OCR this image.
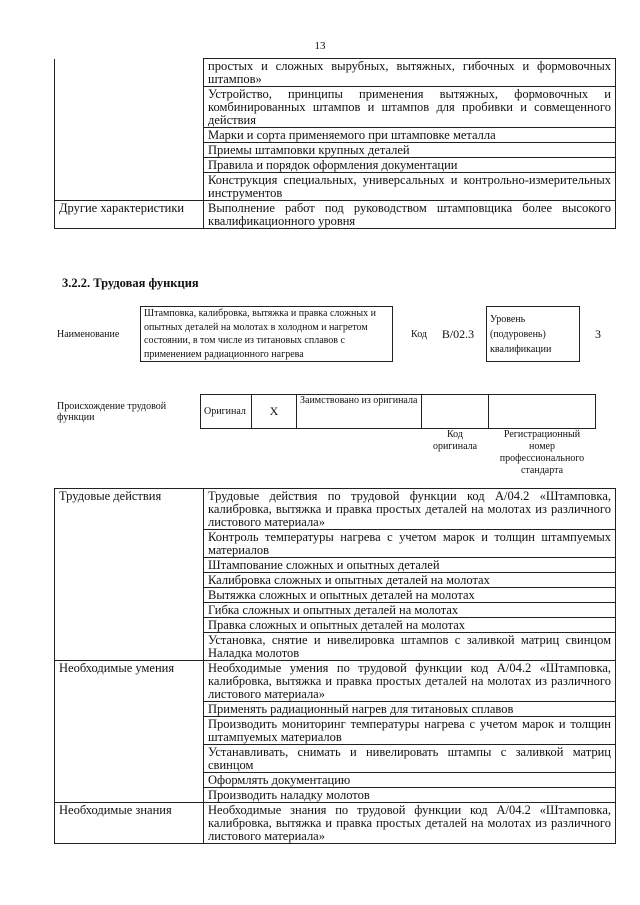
13
	простых и сложных вырубных, вытяжных, гибочных и формовочных штампов»
	Устройство, принципы применения вытяжных, формовочных и комбинированных штампов и штампов для пробивки и совмещенного действия
	Марки и сорта применяемого при штамповке металла
	Приемы штамповки крупных деталей
	Правила и порядок оформления документации
	Конструкция специальных, универсальных и контрольно-измерительных инструментов
Другие характеристики	Выполнение работ под руководством штамповщика более высокого квалификационного уровня
3.2.2. Трудовая функция
Наименование	Штамповка, калибровка, вытяжка и правка сложных и опытных деталей на молотах в холодном и нагретом состоянии, в том числе из титановых сплавов с применением радиационного нагрева	Код	B/02.3	Уровень (подуровень) квалификации	3
Происхождение трудовой функции	Оригинал	X	Заимствовано из оригинала		
				Код оригинала	Регистрационный номер профессионального стандарта
Трудовые действия	Трудовые действия по трудовой функции код А/04.2 «Штамповка, калибровка, вытяжка и правка простых деталей на молотах из различного листового материала»
	Контроль температуры нагрева с учетом марок и толщин штампуемых материалов
	Штампование сложных и опытных деталей
	Калибровка сложных и опытных деталей на молотах
	Вытяжка сложных и опытных деталей на молотах
	Гибка сложных и опытных деталей на молотах
	Правка сложных и опытных деталей на молотах
	Установка, снятие и нивелировка штампов с заливкой матриц свинцом Наладка молотов
Необходимые умения	Необходимые умения по трудовой функции код А/04.2 «Штамповка, калибровка, вытяжка и правка простых деталей на молотах из различного листового материала»
	Применять радиационный нагрев для титановых сплавов
	Производить мониторинг температуры нагрева с учетом марок и толщин штампуемых материалов
	Устанавливать, снимать и нивелировать штампы с заливкой матриц свинцом
	Оформлять документацию
	Производить наладку молотов
Необходимые знания	Необходимые знания по трудовой функции код А/04.2 «Штамповка, калибровка, вытяжка и правка простых деталей на молотах из различного листового материала»
